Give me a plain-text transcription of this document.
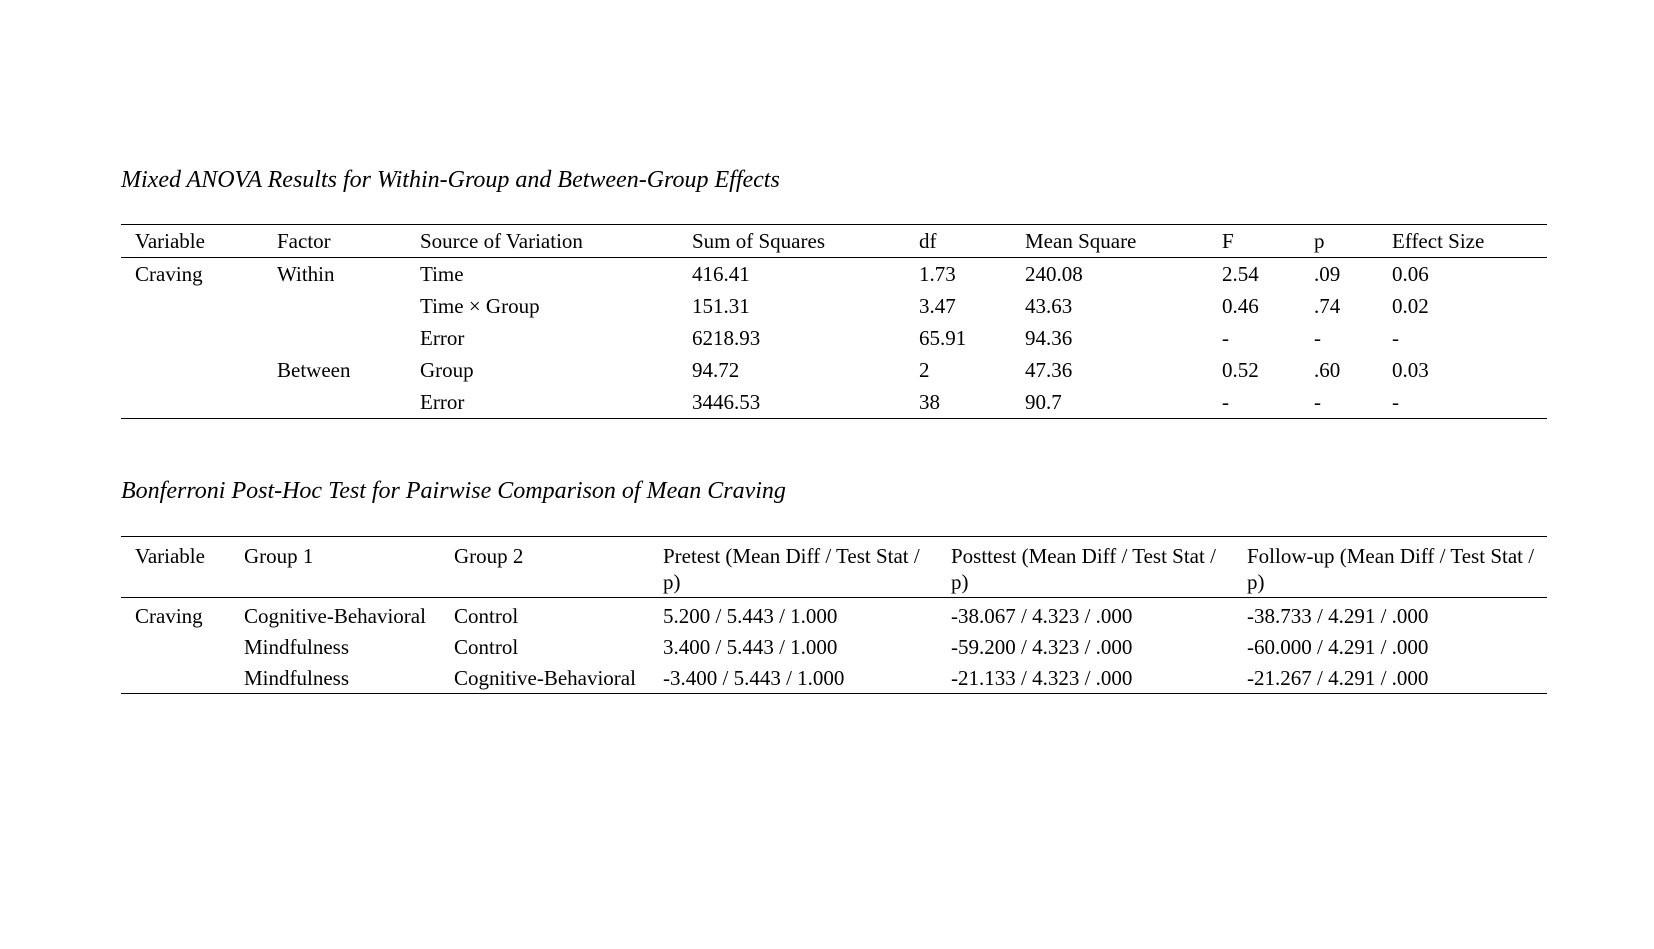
Mixed ANOVA Results for Within-Group and Between-Group Effects

Variable	Factor	Source of Variation	Sum of Squares	df	Mean Square	F	p	Effect Size
Craving	Within	Time	416.41	1.73	240.08	2.54	.09	0.06
		Time × Group	151.31	3.47	43.63	0.46	.74	0.02
		Error	6218.93	65.91	94.36	-	-	-
	Between	Group	94.72	2	47.36	0.52	.60	0.03
		Error	3446.53	38	90.7	-	-	-

Bonferroni Post-Hoc Test for Pairwise Comparison of Mean Craving

Variable	Group 1	Group 2	Pretest (Mean Diff / Test Stat / p)	Posttest (Mean Diff / Test Stat / p)	Follow-up (Mean Diff / Test Stat / p)
Craving	Cognitive-Behavioral	Control	5.200 / 5.443 / 1.000	-38.067 / 4.323 / .000	-38.733 / 4.291 / .000
	Mindfulness	Control	3.400 / 5.443 / 1.000	-59.200 / 4.323 / .000	-60.000 / 4.291 / .000
	Mindfulness	Cognitive-Behavioral	-3.400 / 5.443 / 1.000	-21.133 / 4.323 / .000	-21.267 / 4.291 / .000
